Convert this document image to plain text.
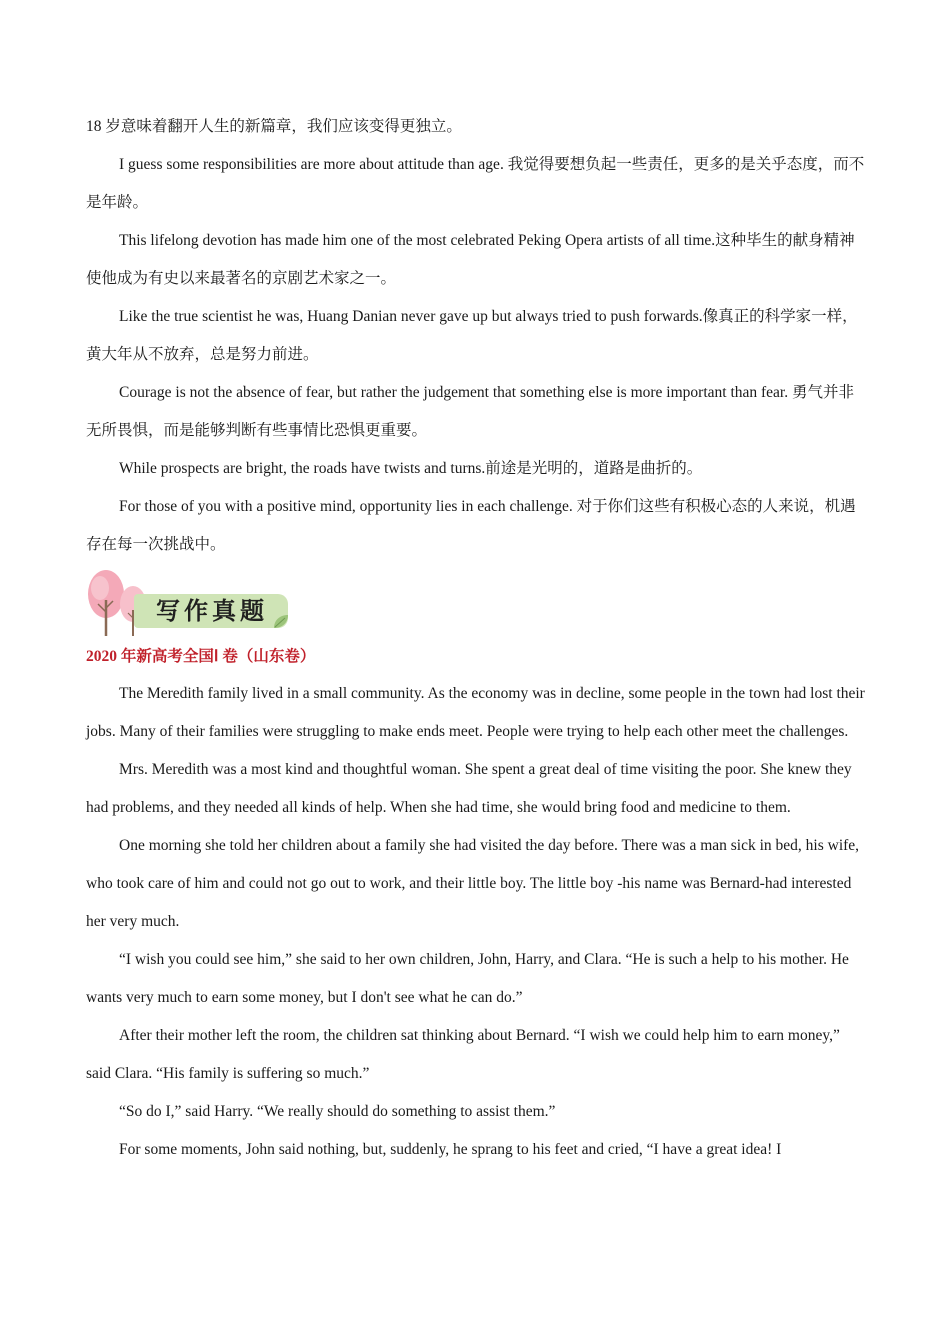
18 岁意味着翻开人生的新篇章，我们应该变得更独立。

I guess some responsibilities are more about attitude than age. 我觉得要想负起一些责任，更多的是关乎态度，而不是年龄。

This lifelong devotion has made him one of the most celebrated Peking Opera artists of all time.这种毕生的献身精神使他成为有史以来最著名的京剧艺术家之一。

Like the true scientist he was, Huang Danian never gave up but always tried to push forwards.像真正的科学家一样，黄大年从不放弃，总是努力前进。

Courage is not the absence of fear, but rather the judgement that something else is more important than fear. 勇气并非无所畏惧，而是能够判断有些事情比恐惧更重要。

While prospects are bright, the roads have twists and turns.前途是光明的，道路是曲折的。

For those of you with a positive mind, opportunity lies in each challenge. 对于你们这些有积极心态的人来说，机遇存在每一次挑战中。

写作真题

2020 年新高考全国Ⅰ 卷（山东卷）

The Meredith family lived in a small community. As the economy was in decline, some people in the town had lost their jobs. Many of their families were struggling to make ends meet. People were trying to help each other meet the challenges.

Mrs. Meredith was a most kind and thoughtful woman. She spent a great deal of time visiting the poor. She knew they had problems, and they needed all kinds of help. When she had time, she would bring food and medicine to them.

One morning she told her children about a family she had visited the day before. There was a man sick in bed, his wife, who took care of him and could not go out to work, and their little boy. The little boy -his name was Bernard-had interested her very much.

“I wish you could see him,” she said to her own children, John, Harry, and Clara. “He is such a help to his mother. He wants very much to earn some money, but I don't see what he can do.”

After their mother left the room, the children sat thinking about Bernard. “I wish we could help him to earn money,” said Clara. “His family is suffering so much.”

“So do I,” said Harry. “We really should do something to assist them.”

For some moments, John said nothing, but, suddenly, he sprang to his feet and cried, “I have a great idea! I
